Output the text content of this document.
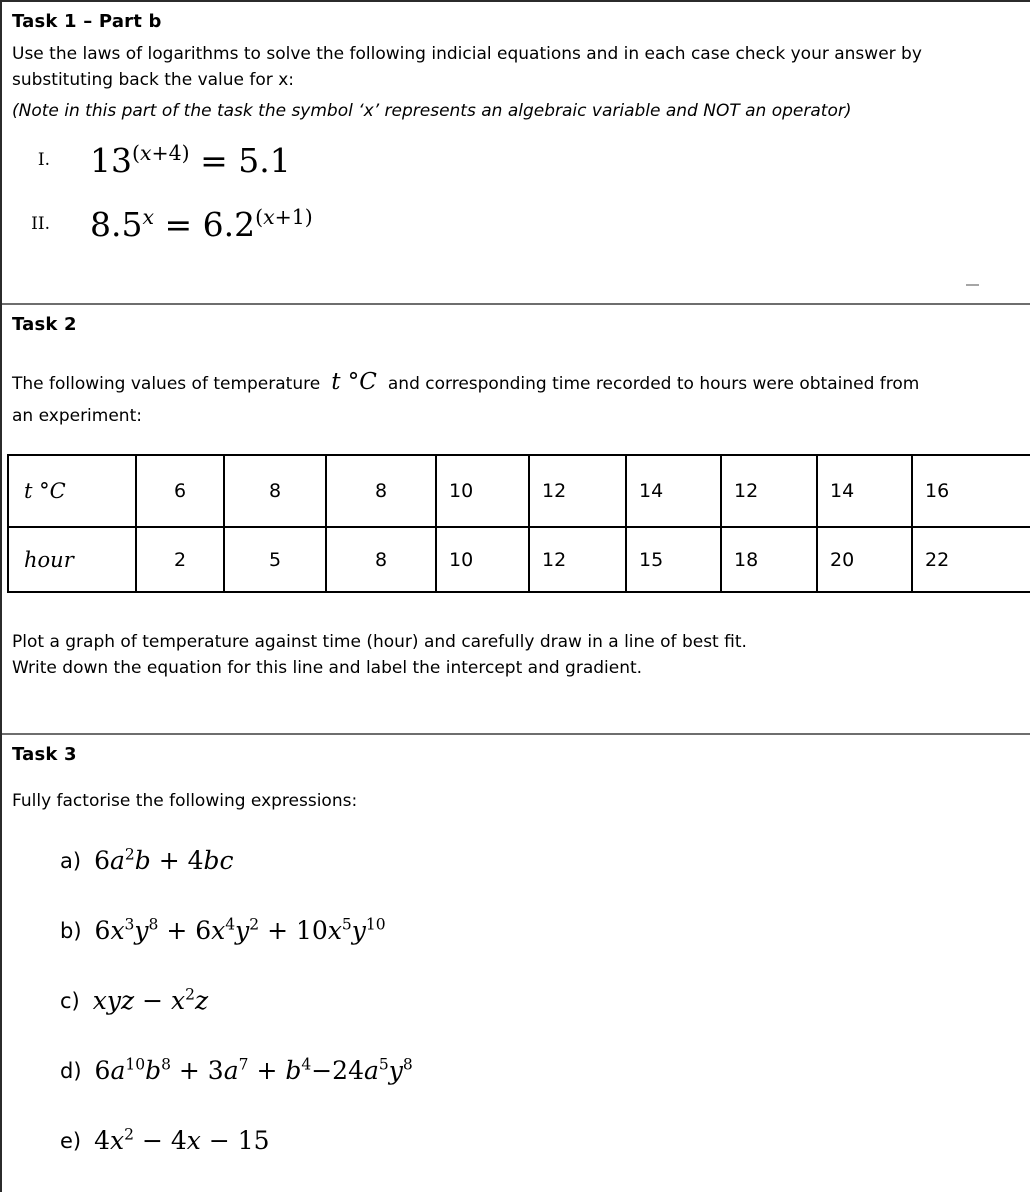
Task 1 – Part b

Use the laws of logarithms to solve the following indicial equations and in each case check your answer by
substituting back the value for x:

(Note in this part of the task the symbol ‘x’ represents an algebraic variable and NOT an operator)

I. $13^{(x+4)} = 5.1$
II. $8.5^x = 6.2^{(x+1)}$
Task 2

The following values of temperature t °C and corresponding time recorded to hours were obtained from
an experiment:

t °C	6	8	8	10	12	14	12	14	16
hour	2	5	8	10	12	15	18	20	22

Plot a graph of temperature against time (hour) and carefully draw in a line of best fit.
Write down the equation for this line and label the intercept and gradient.

Task 3

Fully factorise the following expressions:

a) $6a^2b + 4bc$
b) $6x^3y^8 + 6x^4y^2 + 10x^5y^{10}$
c) xyz − $x^2z$
d) $6a^{10}b^8 + 3a^7 + b^4-24a^5y^8$
e) $4x^2 - 4x - 15$
